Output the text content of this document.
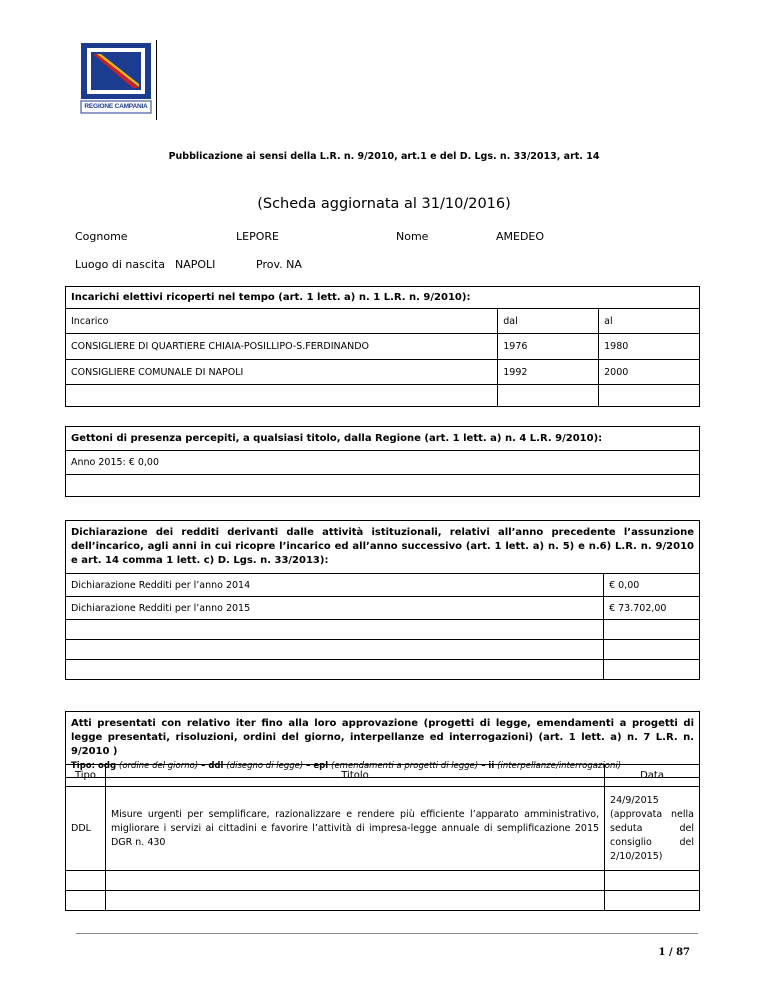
REGIONE CAMPANIA
Pubblicazione ai sensi della L.R. n. 9/2010, art.1 e del D. Lgs. n. 33/2013, art. 14
(Scheda aggiornata al 31/10/2016)
Cognome	LEPORE	Nome	AMEDEO
Luogo di nascita NAPOLI	Prov. NA
Incarichi elettivi ricoperti nel tempo (art. 1 lett. a) n. 1 L.R. n. 9/2010):		
Incarico	dal	al
CONSIGLIERE DI QUARTIERE CHIAIA-POSILLIPO-S.FERDINANDO	1976	1980
CONSIGLIERE COMUNALE DI NAPOLI	1992	2000

Gettoni di presenza percepiti, a qualsiasi titolo, dalla Regione (art. 1 lett. a) n. 4 L.R. 9/2010):
Anno 2015: € 0,00

Dichiarazione dei redditi derivanti dalle attività istituzionali, relativi all’anno precedente l’assunzione dell’incarico, agli anni in cui ricopre l’incarico ed all’anno successivo (art. 1 lett. a) n. 5) e n.6) L.R. n. 9/2010 e art. 14 comma 1 lett. c) D. Lgs. n. 33/2013):	
Dichiarazione Redditi per l’anno 2014	€ 0,00
Dichiarazione Redditi per l’anno 2015	€ 73.702,00

Atti presentati con relativo iter fino alla loro approvazione (progetti di legge, emendamenti a progetti di legge presentati, risoluzioni, ordini del giorno, interpellanze ed interrogazioni) (art. 1 lett. a) n. 7 L.R. n. 9/2010 )
Tipo: odg (ordine del giorno) – ddl (disegno di legge) – epl (emendamenti a progetti di legge) – ii (interpellanze/interrogazioni)
Tipo	Titolo	Data
DDL	Misure urgenti per semplificare, razionalizzare e rendere più efficiente l’apparato amministrativo, migliorare i servizi ai cittadini e favorire l’attività di impresa-legge annuale di semplificazione 2015 DGR n. 430	24/9/2015 (approvata nella seduta del consiglio del 2/10/2015)

1 / 87
